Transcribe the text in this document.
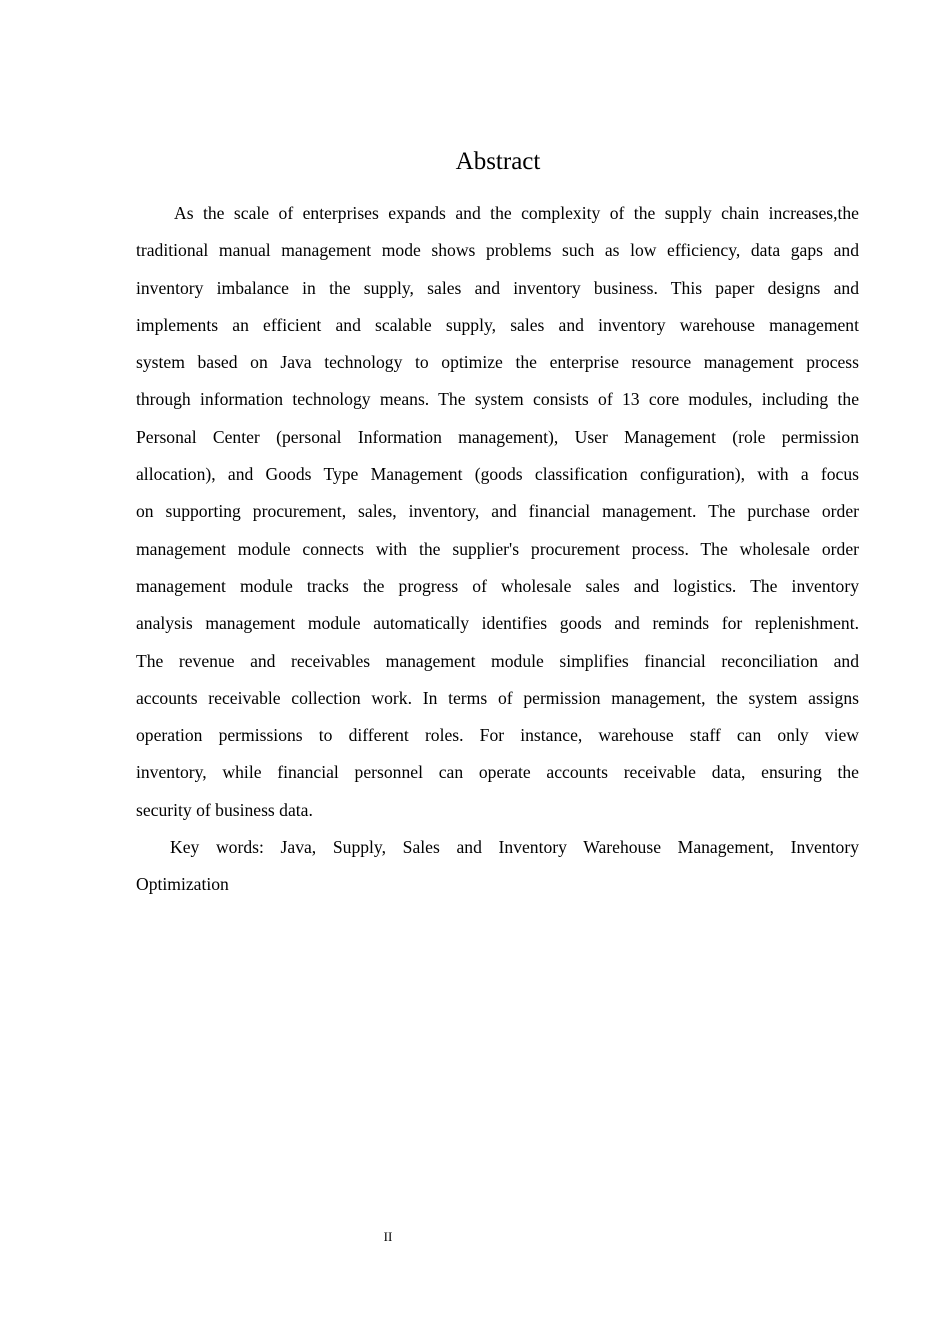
Abstract
As the scale of enterprises expands and the complexity of the supply chain increases,the
traditional manual management mode shows problems such as low efficiency, data gaps and
inventory imbalance in the supply, sales and inventory business. This paper designs and
implements an efficient and scalable supply, sales and inventory warehouse management
system based on Java technology to optimize the enterprise resource management process
through information technology means. The system consists of 13 core modules, including the
Personal Center (personal Information management), User Management (role permission
allocation), and Goods Type Management (goods classification configuration), with a focus
on supporting procurement, sales, inventory, and financial management. The purchase order
management module connects with the supplier's procurement process. The wholesale order
management module tracks the progress of wholesale sales and logistics. The inventory
analysis management module automatically identifies goods and reminds for replenishment.
The revenue and receivables management module simplifies financial reconciliation and
accounts receivable collection work. In terms of permission management, the system assigns
operation permissions to different roles. For instance, warehouse staff can only view
inventory, while financial personnel can operate accounts receivable data, ensuring the
security of business data.
Key words: Java, Supply, Sales and Inventory Warehouse Management, Inventory
Optimization
II
